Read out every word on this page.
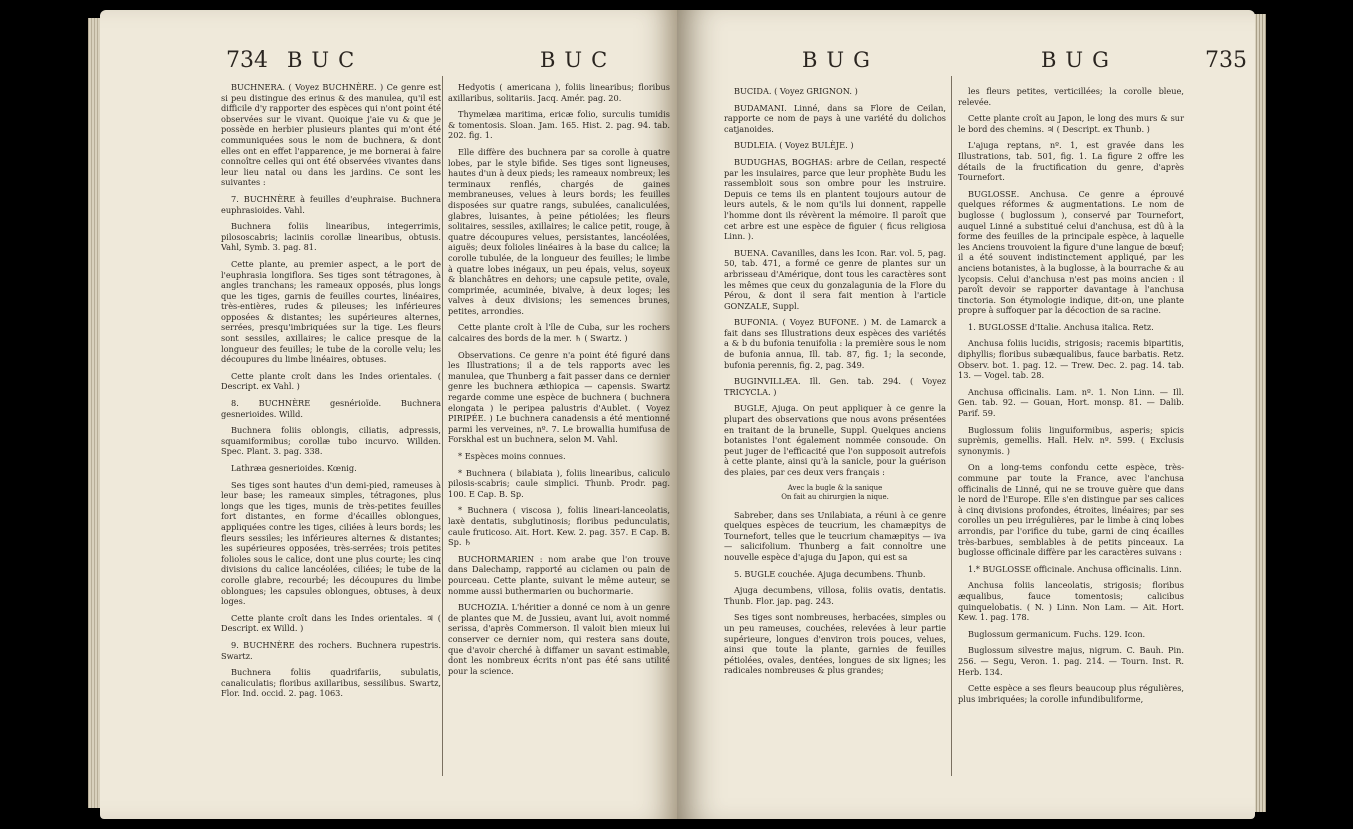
734 BUC	BUC

BUCHNERA. ( Voyez BUCHNÈRE. ) Ce genre est si peu distingue des erinus & des manulea, qu'il est difficile d'y rapporter des espèces qui n'ont point été observées sur le vivant. Quoique j'aie vu & que je possède en herbier plusieurs plantes qui m'ont été communiquées sous le nom de buchnera, & dont elles ont en effet l'apparence, je me bornerai à faire connoître celles qui ont été observées vivantes dans leur lieu natal ou dans les jardins. Ce sont les suivantes :

7. BUCHNÈRE à feuilles d'euphraise. Buchnera euphrasioides. Vahl.

Buchnera foliis linearibus, integerrimis, pilososcabris; laciniis corollæ linearibus, obtusis. Vahl, Symb. 3. pag. 81.

Cette plante, au premier aspect, a le port de l'euphrasia longiflora. Ses tiges sont tétragones, à angles tranchans; les rameaux opposés, plus longs que les tiges, garnis de feuilles courtes, linéaires, très-entières, rudes & pileuses; les inférieures opposées & distantes; les supérieures alternes, serrées, presqu'imbriquées sur la tige. Les fleurs sont sessiles, axillaires; le calice presque de la longueur des feuilles; le tube de la corolle velu; les découpures du limbe linéaires, obtuses.

Cette plante croît dans les Indes orientales. ( Descript. ex Vahl. )

8. BUCHNÈRE gesnérioïde. Buchnera gesnerioides. Willd.

Buchnera foliis oblongis, ciliatis, adpressis, squamiformibus; corollæ tubo incurvo. Willden. Spec. Plant. 3. pag. 338.

Lathræa gesnerioides. Kœnig.

Ses tiges sont hautes d'un demi-pied, rameuses à leur base; les rameaux simples, tétragones, plus longs que les tiges, munis de très-petites feuilles fort distantes, en forme d'écailles oblongues, appliquées contre les tiges, ciliées à leurs bords; les fleurs sessiles; les inférieures alternes & distantes; les supérieures opposées, très-serrées; trois petites folioles sous le calice, dont une plus courte; les cinq divisions du calice lancéolées, ciliées; le tube de la corolle glabre, recourbé; les découpures du limbe oblongues; les capsules oblongues, obtuses, à deux loges.

Cette plante croît dans les Indes orientales. ♃ ( Descript. ex Willd. )

9. BUCHNÈRE des rochers. Buchnera rupestris. Swartz.

Buchnera foliis quadrifariis, subulatis, canaliculatis; floribus axillaribus, sessilibus. Swartz, Flor. Ind. occid. 2. pag. 1063.

Hedyotis ( americana ), foliis linearibus; floribus axillaribus, solitariis. Jacq. Amér. pag. 20.

Thymelæa maritima, ericæ folio, surculis tumidis & tomentosis. Sloan. Jam. 165. Hist. 2. pag. 94. tab. 202. fig. 1.

Elle diffère des buchnera par sa corolle à quatre lobes, par le style bifide. Ses tiges sont ligneuses, hautes d'un à deux pieds; les rameaux nombreux; les terminaux renflés, chargés de gaines membraneuses, velues à leurs bords; les feuilles disposées sur quatre rangs, subulées, canaliculées, glabres, luisantes, à peine pétiolées; les fleurs solitaires, sessiles, axillaires; le calice petit, rouge, à quatre découpures velues, persistantes, lancéolées, aiguës; deux folioles linéaires à la base du calice; la corolle tubulée, de la longueur des feuilles; le limbe à quatre lobes inégaux, un peu épais, velus, soyeux & blanchâtres en dehors; une capsule petite, ovale, comprimée, acuminée, bivalve, à deux loges; les valves à deux divisions; les semences brunes, petites, arrondies.

Cette plante croît à l'île de Cuba, sur les rochers calcaires des bords de la mer. ♄ ( Swartz. )

Observations. Ce genre n'a point été figuré dans les Illustrations; il a de tels rapports avec les manulea, que Thunberg a fait passer dans ce dernier genre les buchnera æthiopica — capensis. Swartz regarde comme une espèce de buchnera ( buchnera elongata ) le peripea palustris d'Aublet. ( Voyez PIRIPÉE. ) Le buchnera canadensis a été mentionné parmi les verveines, nº. 7. Le browallia humifusa de Forskhal est un buchnera, selon M. Vahl.

* Espèces moins connues.

* Buchnera ( bilabiata ), foliis linearibus, caliculo pilosis-scabris; caule simplici. Thunb. Prodr. pag. 100. E Cap. B. Sp.

* Buchnera ( viscosa ), foliis lineari-lanceolatis, laxè dentatis, subglutinosis; floribus pedunculatis, caule fruticoso. Ait. Hort. Kew. 2. pag. 357. E Cap. B. Sp. ♄

BUCHORMARIEN : nom arabe que l'on trouve dans Dalechamp, rapporté au ciclamen ou pain de pourceau. Cette plante, suivant le même auteur, se nomme aussi buthermarien ou buchormarie.

BUCHOZIA. L'héritier a donné ce nom à un genre de plantes que M. de Jussieu, avant lui, avoit nommé serissa, d'après Commerson. Il valoit bien mieux lui conserver ce dernier nom, qui restera sans doute, que d'avoir cherché à diffamer un savant estimable, dont les nombreux écrits n'ont pas été sans utilité pour la science.

BUG	BUG	735

BUCIDA. ( Voyez GRIGNON. )

BUDAMANI. Linné, dans sa Flore de Ceilan, rapporte ce nom de pays à une variété du dolichos catjanoides.

BUDLEIA. ( Voyez BULÈJE. )

BUDUGHAS, BOGHAS: arbre de Ceilan, respecté par les insulaires, parce que leur prophète Budu les rassembloit sous son ombre pour les instruire. Depuis ce tems ils en plantent toujours autour de leurs autels, & le nom qu'ils lui donnent, rappelle l'homme dont ils révèrent la mémoire. Il paroît que cet arbre est une espèce de figuier ( ficus religiosa Linn. ).

BUENA. Cavanilles, dans les Icon. Rar. vol. 5, pag. 50, tab. 471, a formé ce genre de plantes sur un arbrisseau d'Amérique, dont tous les caractères sont les mêmes que ceux du gonzalagunia de la Flore du Pérou, & dont il sera fait mention à l'article GONZALE, Suppl.

BUFONIA. ( Voyez BUFONE. ) M. de Lamarck a fait dans ses Illustrations deux espèces des variétés a & b du bufonia tenuifolia : la première sous le nom de bufonia annua, Ill. tab. 87, fig. 1; la seconde, bufonia perennis, fig. 2, pag. 349.

BUGINVILLÆA. Ill. Gen. tab. 294. ( Voyez TRICYCLA. )

BUGLE, Ajuga. On peut appliquer à ce genre la plupart des observations que nous avons présentées en traitant de la brunelle, Suppl. Quelques anciens botanistes l'ont également nommée consoude. On peut juger de l'efficacité que l'on supposoit autrefois à cette plante, ainsi qu'à la sanicle, pour la guérison des plaies, par ces deux vers français :

Avec la bugle & la sanique
On fait au chirurgien la nique.

Sabreber, dans ses Unilabiata, a réuni à ce genre quelques espèces de teucrium, les chamæpitys de Tournefort, telles que le teucrium chamæpitys — iva — salicifolium. Thunberg a fait connoître une nouvelle espèce d'ajuga du Japon, qui est sa

5. BUGLE couchée. Ajuga decumbens. Thunb.

Ajuga decumbens, villosa, foliis ovatis, dentatis. Thunb. Flor. jap. pag. 243.

Ses tiges sont nombreuses, herbacées, simples ou un peu rameuses, couchées, relevées à leur partie supérieure, longues d'environ trois pouces, velues, ainsi que toute la plante, garnies de feuilles pétiolées, ovales, dentées, longues de six lignes; les radicales nombreuses & plus grandes;

les fleurs petites, verticillées; la corolle bleue, relevée.

Cette plante croît au Japon, le long des murs & sur le bord des chemins. ♃ ( Descript. ex Thunb. )

L'ajuga reptans, nº. 1, est gravée dans les Illustrations, tab. 501, fig. 1. La figure 2 offre les détails de la fructification du genre, d'après Tournefort.

BUGLOSSE. Anchusa. Ce genre a éprouvé quelques réformes & augmentations. Le nom de buglosse ( buglossum ), conservé par Tournefort, auquel Linné a substitué celui d'anchusa, est dû à la forme des feuilles de la principale espèce, à laquelle les Anciens trouvoient la figure d'une langue de bœuf; il a été souvent indistinctement appliqué, par les anciens botanistes, à la buglosse, à la bourrache & au lycopsis. Celui d'anchusa n'est pas moins ancien : il paroît devoir se rapporter davantage à l'anchusa tinctoria. Son étymologie indique, dit-on, une plante propre à suffoquer par la décoction de sa racine.

1. BUGLOSSE d'Italie. Anchusa italica. Retz.

Anchusa foliis lucidis, strigosis; racemis bipartitis, diphyllis; floribus subæqualibus, fauce barbatis. Retz. Observ. bot. 1. pag. 12. — Trew. Dec. 2. pag. 14. tab. 13. — Vogel. tab. 28.

Anchusa officinalis. Lam. nº. 1. Non Linn. — Ill. Gen. tab. 92. — Gouan, Hort. monsp. 81. — Dalib. Parif. 59.

Buglossum foliis linguiformibus, asperis; spicis suprèmis, gemellis. Hall. Helv. nº. 599. ( Exclusis synonymis. )

On a long-tems confondu cette espèce, très-commune par toute la France, avec l'anchusa officinalis de Linné, qui ne se trouve guère que dans le nord de l'Europe. Elle s'en distingue par ses calices à cinq divisions profondes, étroites, linéaires; par ses corolles un peu irrégulières, par le limbe à cinq lobes arrondis, par l'orifice du tube, garni de cinq écailles très-barbues, semblables à de petits pinceaux. La buglosse officinale diffère par les caractères suivans :

1.* BUGLOSSE officinale. Anchusa officinalis. Linn.

Anchusa foliis lanceolatis, strigosis; floribus æqualibus, fauce tomentosis; calicibus quinquelobatis. ( N. ) Linn. Non Lam. — Ait. Hort. Kew. 1. pag. 178.

Buglossum germanicum. Fuchs. 129. Icon.

Buglossum silvestre majus, nigrum. C. Bauh. Pin. 256. — Segu, Veron. 1. pag. 214. — Tourn. Inst. R. Herb. 134.

Cette espèce a ses fleurs beaucoup plus régulières, plus imbriquées; la corolle infundibuliforme,
